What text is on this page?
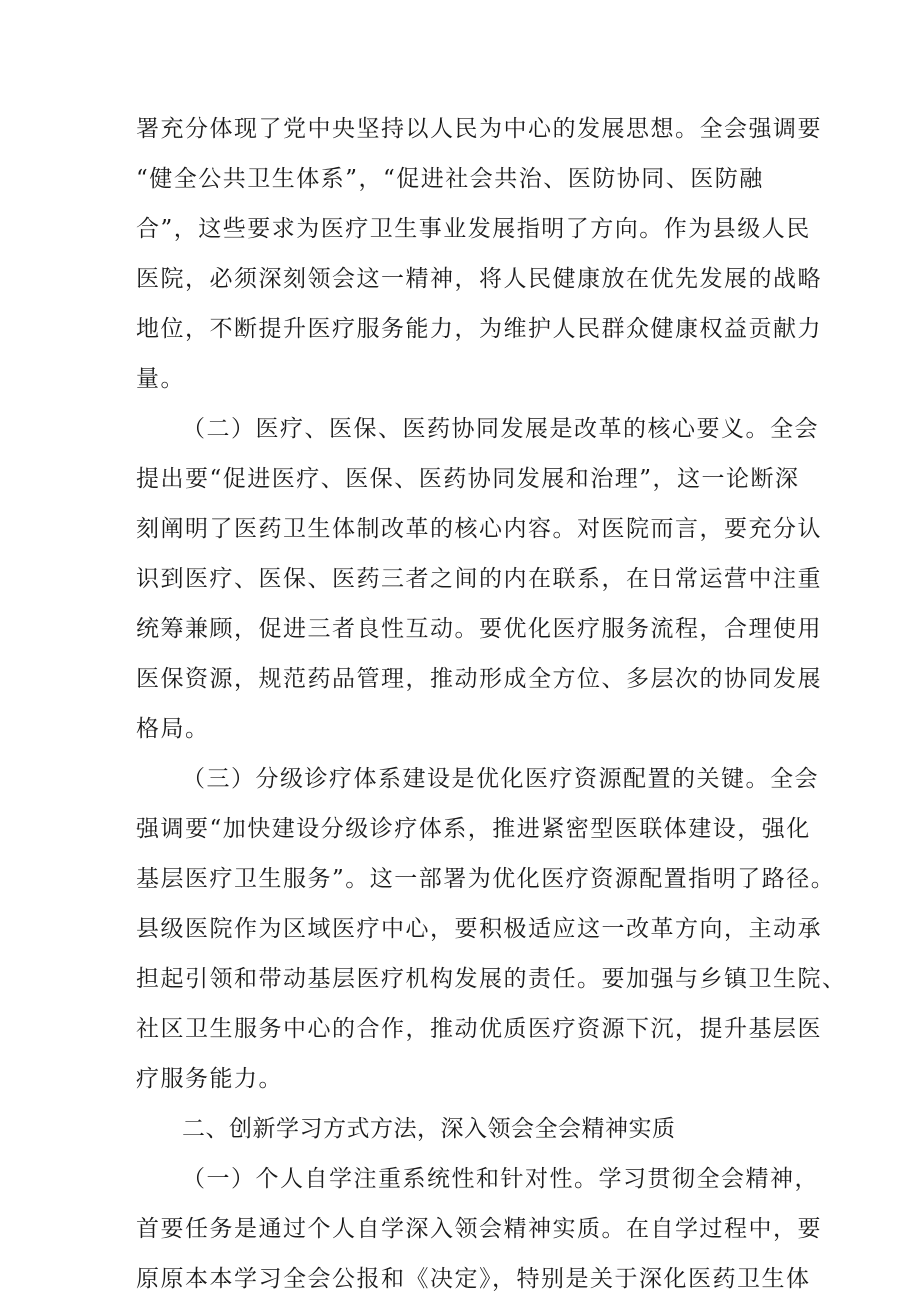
署充分体现了党中央坚持以人民为中心的发展思想。全会强调要

“健全公共卫生体系”，“促进社会共治、医防协同、医防融

合”，这些要求为医疗卫生事业发展指明了方向。作为县级人民

医院，必须深刻领会这一精神，将人民健康放在优先发展的战略

地位，不断提升医疗服务能力，为维护人民群众健康权益贡献力

量。

（二）医疗、医保、医药协同发展是改革的核心要义。全会

提出要“促进医疗、医保、医药协同发展和治理”，这一论断深

刻阐明了医药卫生体制改革的核心内容。对医院而言，要充分认

识到医疗、医保、医药三者之间的内在联系，在日常运营中注重

统筹兼顾，促进三者良性互动。要优化医疗服务流程，合理使用

医保资源，规范药品管理，推动形成全方位、多层次的协同发展

格局。

（三）分级诊疗体系建设是优化医疗资源配置的关键。全会

强调要“加快建设分级诊疗体系，推进紧密型医联体建设，强化

基层医疗卫生服务”。这一部署为优化医疗资源配置指明了路径。

县级医院作为区域医疗中心，要积极适应这一改革方向，主动承

担起引领和带动基层医疗机构发展的责任。要加强与乡镇卫生院、

社区卫生服务中心的合作，推动优质医疗资源下沉，提升基层医

疗服务能力。

二、创新学习方式方法，深入领会全会精神实质

（一）个人自学注重系统性和针对性。学习贯彻全会精神，

首要任务是通过个人自学深入领会精神实质。在自学过程中，要

原原本本学习全会公报和《决定》，特别是关于深化医药卫生体
